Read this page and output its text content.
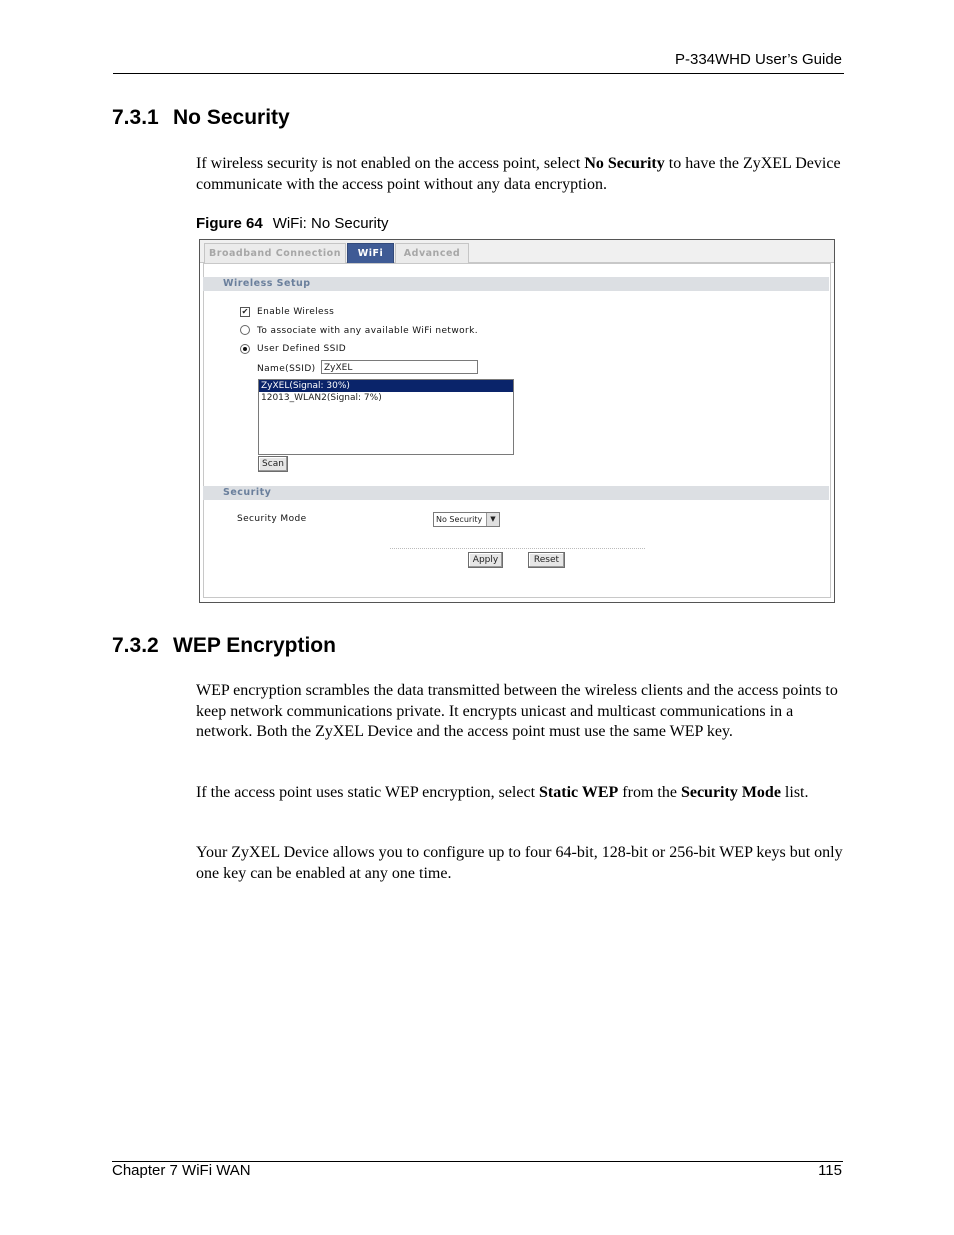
P-334WHD User’s Guide
7.3.1 No Security
If wireless security is not enabled on the access point, select No Security to have the ZyXEL Device communicate with the access point without any data encryption.
Figure 64 WiFi: No Security
Broadband Connection	WiFi	Advanced
Wireless Setup
✔ Enable Wireless
To associate with any available WiFi network.
User Defined SSID
Name(SSID) ZyXEL
ZyXEL(Signal: 30%)
12013_WLAN2(Signal: 7%)
Scan
Security
Security Mode	No Security	▼
Apply	Reset
7.3.2 WEP Encryption
WEP encryption scrambles the data transmitted between the wireless clients and the access points to keep network communications private. It encrypts unicast and multicast communications in a network. Both the ZyXEL Device and the access point must use the same WEP key.
If the access point uses static WEP encryption, select Static WEP from the Security Mode list.
Your ZyXEL Device allows you to configure up to four 64-bit, 128-bit or 256-bit WEP keys but only one key can be enabled at any one time.
Chapter 7 WiFi WAN	115
